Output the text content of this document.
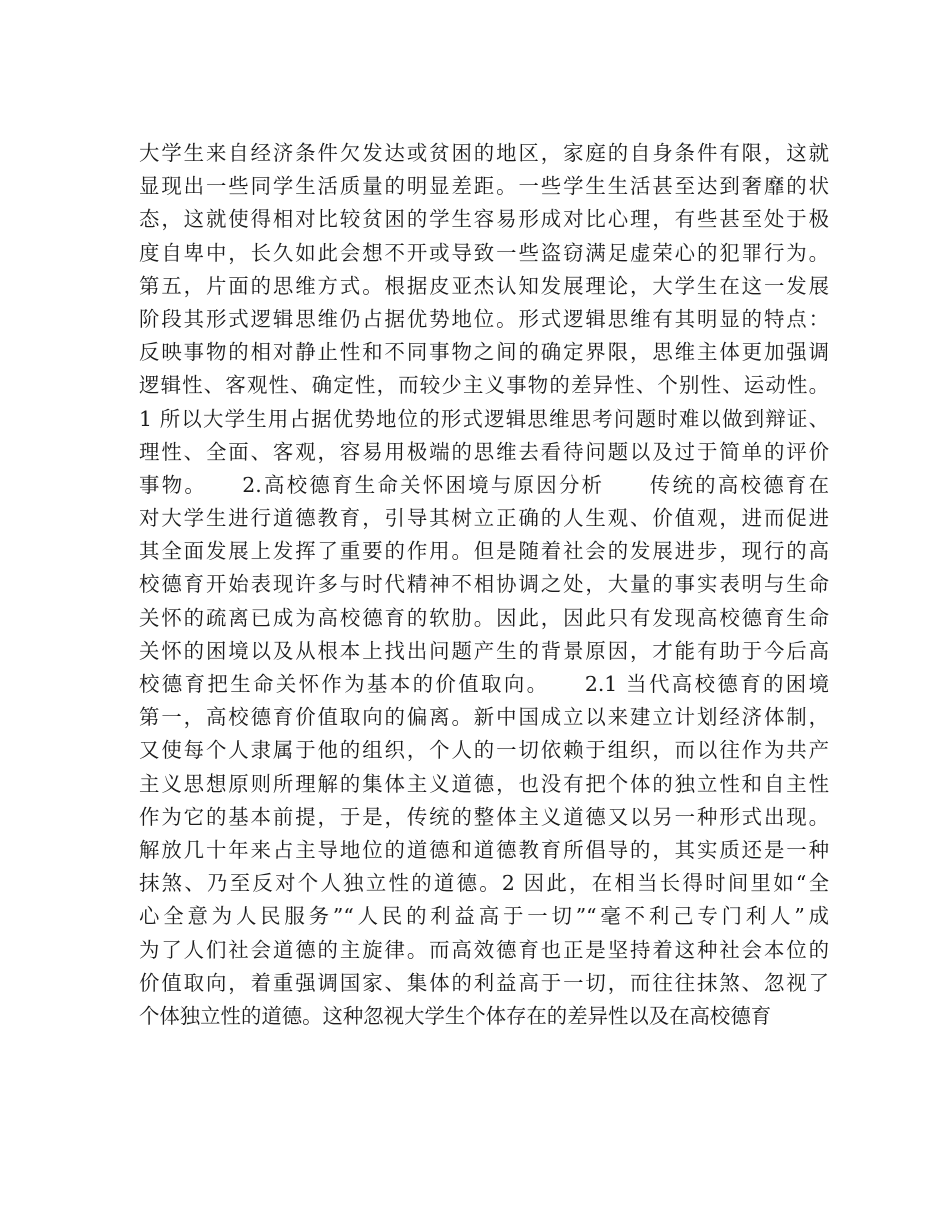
大学生来自经济条件欠发达或贫困的地区，家庭的自身条件有限，这就
显现出一些同学生活质量的明显差距。一些学生生活甚至达到奢靡的状
态，这就使得相对比较贫困的学生容易形成对比心理，有些甚至处于极
度自卑中，长久如此会想不开或导致一些盗窃满足虚荣心的犯罪行为。
第五，片面的思维方式。根据皮亚杰认知发展理论，大学生在这一发展
阶段其形式逻辑思维仍占据优势地位。形式逻辑思维有其明显的特点：
反映事物的相对静止性和不同事物之间的确定界限，思维主体更加强调
逻辑性、客观性、确定性，而较少主义事物的差异性、个别性、运动性。
1 所以大学生用占据优势地位的形式逻辑思维思考问题时难以做到辩证、
理性、全面、客观，容易用极端的思维去看待问题以及过于简单的评价
事物。　　2.高校德育生命关怀困境与原因分析　　传统的高校德育在
对大学生进行道德教育，引导其树立正确的人生观、价值观，进而促进
其全面发展上发挥了重要的作用。但是随着社会的发展进步，现行的高
校德育开始表现许多与时代精神不相协调之处，大量的事实表明与生命
关怀的疏离已成为高校德育的软肋。因此，因此只有发现高校德育生命
关怀的困境以及从根本上找出问题产生的背景原因，才能有助于今后高
校德育把生命关怀作为基本的价值取向。　　2.1 当代高校德育的困境
第一，高校德育价值取向的偏离。新中国成立以来建立计划经济体制，
又使每个人隶属于他的组织，个人的一切依赖于组织，而以往作为共产
主义思想原则所理解的集体主义道德，也没有把个体的独立性和自主性
作为它的基本前提，于是，传统的整体主义道德又以另一种形式出现。
解放几十年来占主导地位的道德和道德教育所倡导的，其实质还是一种
抹煞、乃至反对个人独立性的道德。2 因此，在相当长得时间里如“全
心全意为人民服务”“人民的利益高于一切”“毫不利己专门利人”成
为了人们社会道德的主旋律。而高效德育也正是坚持着这种社会本位的
价值取向，着重强调国家、集体的利益高于一切，而往往抹煞、忽视了
个体独立性的道德。这种忽视大学生个体存在的差异性以及在高校德育
